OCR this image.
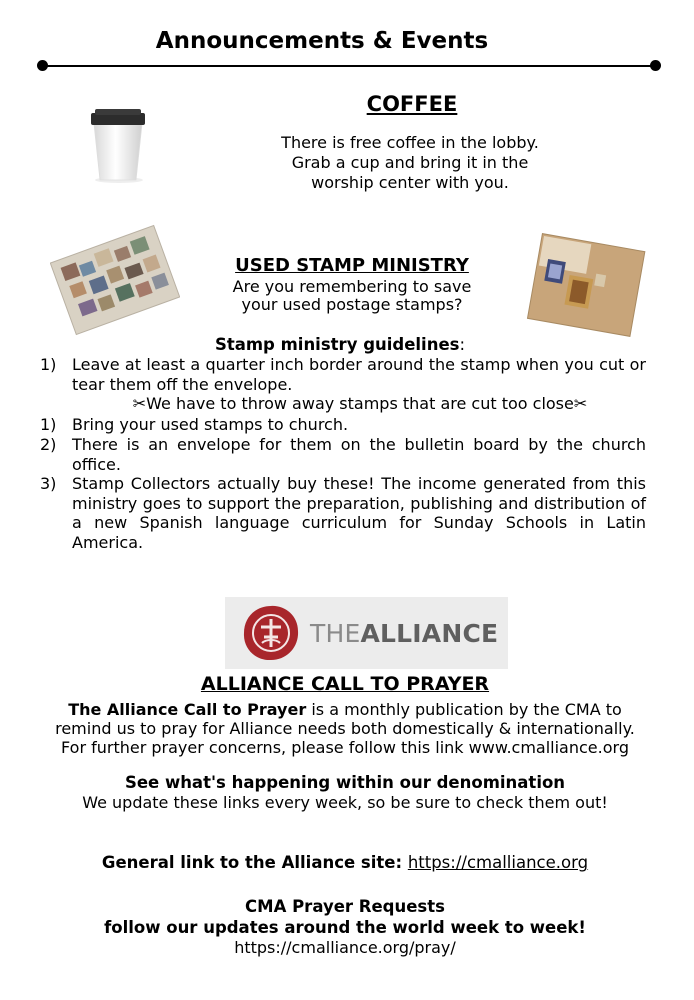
Announcements & Events
COFFEE
There is free coffee in the lobby.
Grab a cup and bring it in the
worship center with you.
USED STAMP MINISTRY
Are you remembering to save
your used postage stamps?
Stamp ministry guidelines:
1) Leave at least a quarter inch border around the stamp when you cut or tear them off the envelope.
✂We have to throw away stamps that are cut too close✂
1) Bring your used stamps to church.
2) There is an envelope for them on the bulletin board by the church office.
3) Stamp Collectors actually buy these! The income generated from this ministry goes to support the preparation, publishing and distribution of a new Spanish language curriculum for Sunday Schools in Latin America.
THEALLIANCE
ALLIANCE CALL TO PRAYER
The Alliance Call to Prayer is a monthly publication by the CMA to
remind us to pray for Alliance needs both domestically & internationally.
For further prayer concerns, please follow this link www.cmalliance.org
See what's happening within our denomination
We update these links every week, so be sure to check them out!
General link to the Alliance site: https://cmalliance.org
CMA Prayer Requests
follow our updates around the world week to week!
https://cmalliance.org/pray/
